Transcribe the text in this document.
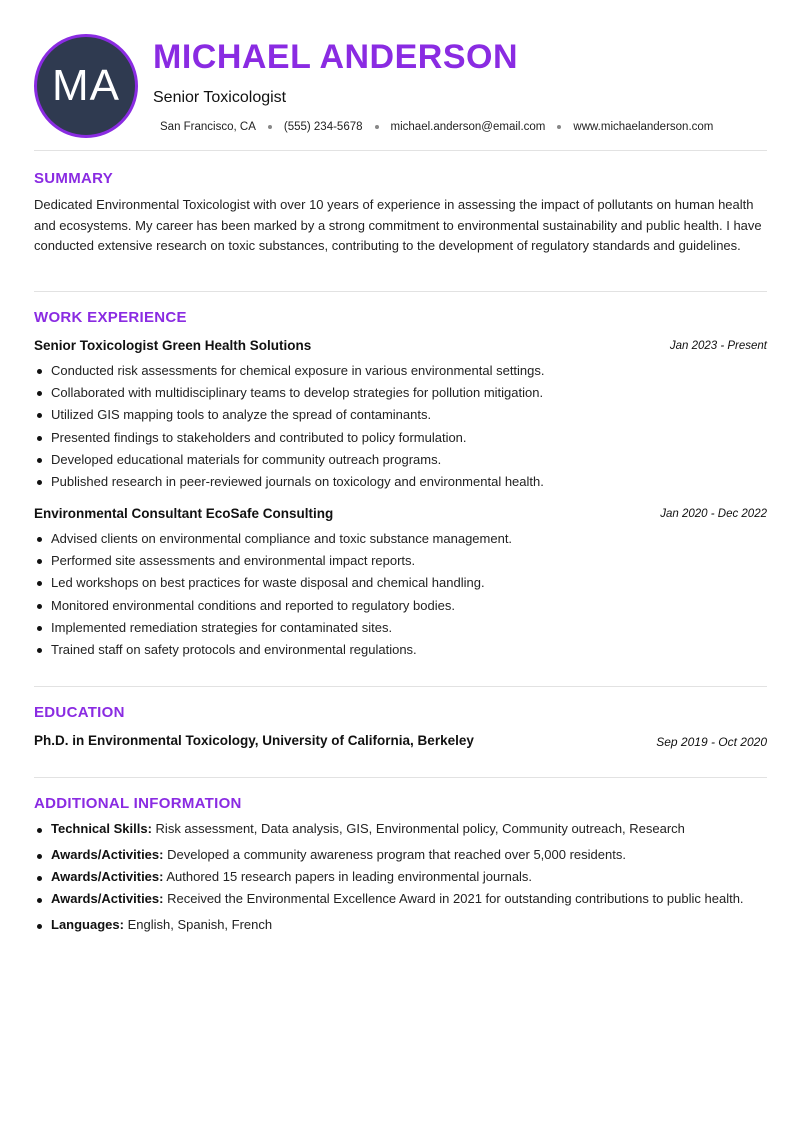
MA
MICHAEL ANDERSON
Senior Toxicologist
San Francisco, CA (555) 234-5678 michael.anderson@email.com www.michaelanderson.com
SUMMARY
Dedicated Environmental Toxicologist with over 10 years of experience in assessing the impact of pollutants on human health and ecosystems. My career has been marked by a strong commitment to environmental sustainability and public health. I have conducted extensive research on toxic substances, contributing to the development of regulatory standards and guidelines.
WORK EXPERIENCE
Senior Toxicologist Green Health Solutions	Jan 2023 - Present
Conducted risk assessments for chemical exposure in various environmental settings.
Collaborated with multidisciplinary teams to develop strategies for pollution mitigation.
Utilized GIS mapping tools to analyze the spread of contaminants.
Presented findings to stakeholders and contributed to policy formulation.
Developed educational materials for community outreach programs.
Published research in peer-reviewed journals on toxicology and environmental health.
Environmental Consultant EcoSafe Consulting	Jan 2020 - Dec 2022
Advised clients on environmental compliance and toxic substance management.
Performed site assessments and environmental impact reports.
Led workshops on best practices for waste disposal and chemical handling.
Monitored environmental conditions and reported to regulatory bodies.
Implemented remediation strategies for contaminated sites.
Trained staff on safety protocols and environmental regulations.
EDUCATION
Ph.D. in Environmental Toxicology, University of California, Berkeley	Sep 2019 - Oct 2020
ADDITIONAL INFORMATION
Technical Skills: Risk assessment, Data analysis, GIS, Environmental policy, Community outreach, Research
Awards/Activities: Developed a community awareness program that reached over 5,000 residents.
Awards/Activities: Authored 15 research papers in leading environmental journals.
Awards/Activities: Received the Environmental Excellence Award in 2021 for outstanding contributions to public health.
Languages: English, Spanish, French
